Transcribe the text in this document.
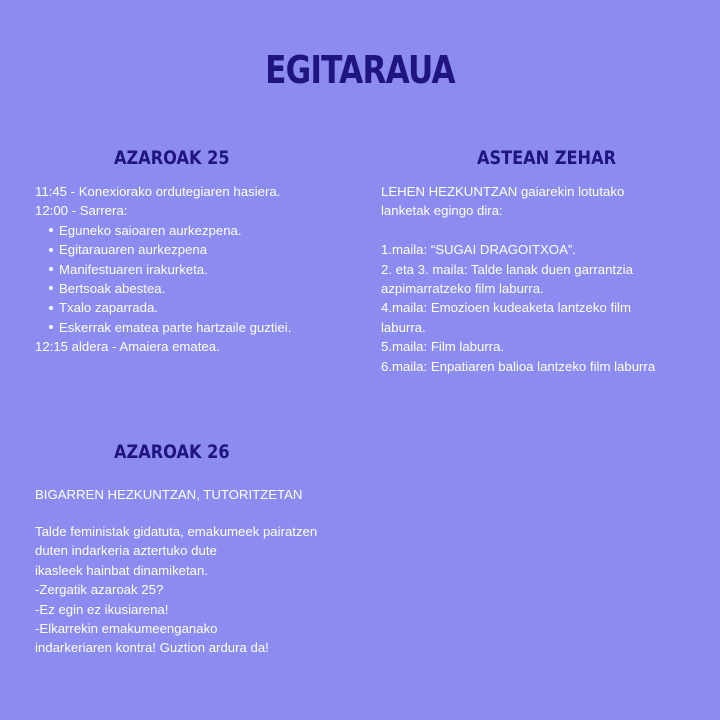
EGITARAUA
AZAROAK 25
11:45 - Konexiorako ordutegiaren hasiera.
12:00 - Sarrera:
Eguneko saioaren aurkezpena.
Egitarauaren aurkezpena
Manifestuaren irakurketa.
Bertsoak abestea.
Txalo zaparrada.
Eskerrak ematea parte hartzaile guztiei.
12:15 aldera - Amaiera ematea.
ASTEAN ZEHAR
LEHEN HEZKUNTZAN gaiarekin lotutako
lanketak egingo dira:
1.maila: “SUGAI DRAGOITXOA”.
2. eta 3. maila: Talde lanak duen garrantzia
azpimarratzeko film laburra.
4.maila: Emozioen kudeaketa lantzeko film
laburra.
5.maila: Film laburra.
6.maila: Enpatiaren balioa lantzeko film laburra
AZAROAK 26
BIGARREN HEZKUNTZAN, TUTORITZETAN
Talde feministak gidatuta, emakumeek pairatzen
duten indarkeria aztertuko dute
ikasleek hainbat dinamiketan.
-Zergatik azaroak 25?
-Ez egin ez ikusiarena!
-Elkarrekin emakumeenganako
indarkeriaren kontra! Guztion ardura da!
